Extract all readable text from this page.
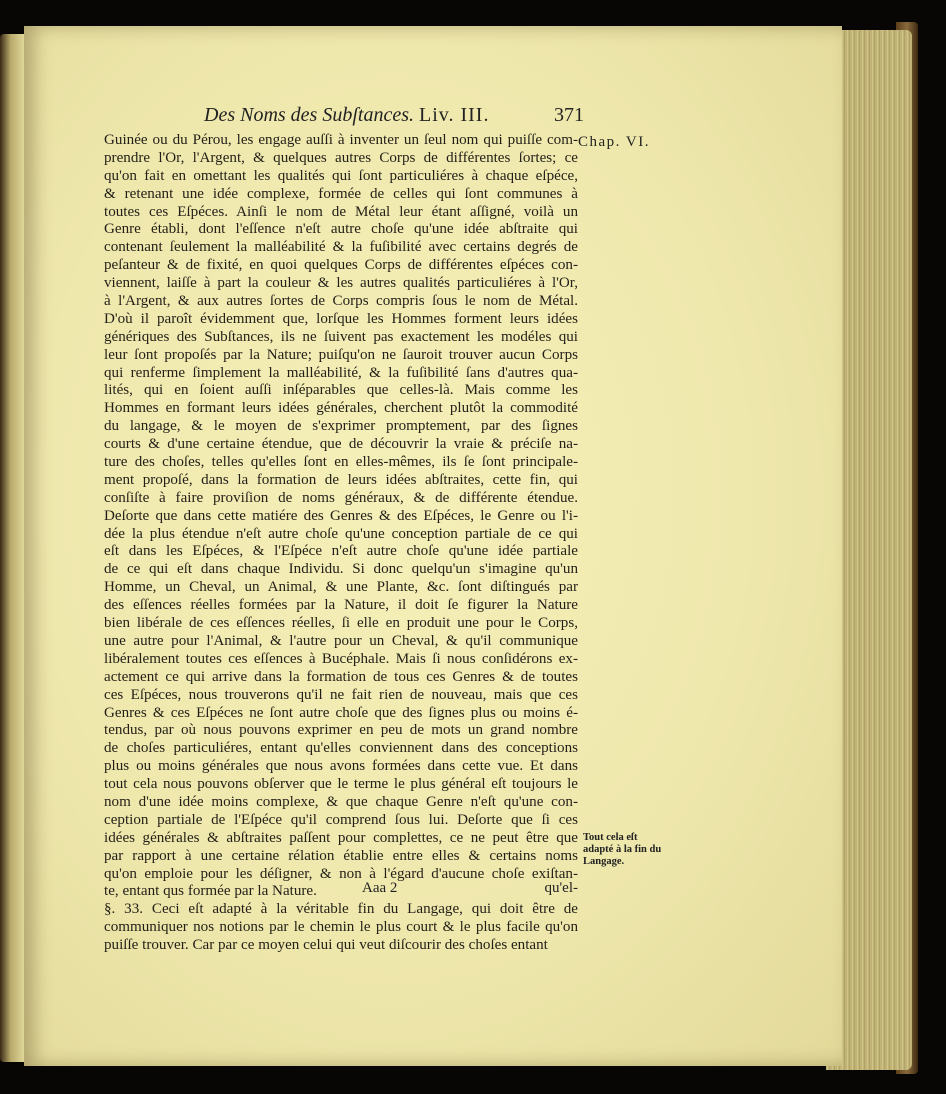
Des Noms des Subſtances. Liv. III.	371
Chap. VI.
Guinée ou du Pérou, les engage auſſi à inventer un ſeul nom qui puiſſe com-
prendre l'Or, l'Argent, & quelques autres Corps de différentes ſortes; ce
qu'on fait en omettant les qualités qui ſont particuliéres à chaque eſpéce,
& retenant une idée complexe, formée de celles qui ſont communes à
toutes ces Eſpéces. Ainſi le nom de Métal leur étant aſſigné, voilà un
Genre établi, dont l'eſſence n'eſt autre choſe qu'une idée abſtraite qui
contenant ſeulement la malléabilité & la fuſibilité avec certains degrés de
peſanteur & de fixité, en quoi quelques Corps de différentes eſpéces con-
viennent, laiſſe à part la couleur & les autres qualités particuliéres à l'Or,
à l'Argent, & aux autres ſortes de Corps compris ſous le nom de Métal.
D'où il paroît évidemment que, lorſque les Hommes forment leurs idées
génériques des Subſtances, ils ne ſuivent pas exactement les modéles qui
leur ſont propoſés par la Nature; puiſqu'on ne ſauroit trouver aucun Corps
qui renferme ſimplement la malléabilité, & la fuſibilité ſans d'autres qua-
lités, qui en ſoient auſſi inſéparables que celles-là. Mais comme les
Hommes en formant leurs idées générales, cherchent plutôt la commodité
du langage, & le moyen de s'exprimer promptement, par des ſignes
courts & d'une certaine étendue, que de découvrir la vraie & préciſe na-
ture des choſes, telles qu'elles ſont en elles-mêmes, ils ſe ſont principale-
ment propoſé, dans la formation de leurs idées abſtraites, cette fin, qui
conſiſte à faire proviſion de noms généraux, & de différente étendue.
Deſorte que dans cette matiére des Genres & des Eſpéces, le Genre ou l'i-
dée la plus étendue n'eſt autre choſe qu'une conception partiale de ce qui
eſt dans les Eſpéces, & l'Eſpéce n'eſt autre choſe qu'une idée partiale
de ce qui eſt dans chaque Individu. Si donc quelqu'un s'imagine qu'un
Homme, un Cheval, un Animal, & une Plante, &c. ſont diſtingués par
des eſſences réelles formées par la Nature, il doit ſe figurer la Nature
bien libérale de ces eſſences réelles, ſi elle en produit une pour le Corps,
une autre pour l'Animal, & l'autre pour un Cheval, & qu'il communique
libéralement toutes ces eſſences à Bucéphale. Mais ſi nous conſidérons ex-
actement ce qui arrive dans la formation de tous ces Genres & de toutes
ces Eſpéces, nous trouverons qu'il ne fait rien de nouveau, mais que ces
Genres & ces Eſpéces ne ſont autre choſe que des ſignes plus ou moins é-
tendus, par où nous pouvons exprimer en peu de mots un grand nombre
de choſes particuliéres, entant qu'elles conviennent dans des conceptions
plus ou moins générales que nous avons formées dans cette vue. Et dans
tout cela nous pouvons obſerver que le terme le plus général eſt toujours le
nom d'une idée moins complexe, & que chaque Genre n'eſt qu'une con-
ception partiale de l'Eſpéce qu'il comprend ſous lui. Deſorte que ſi ces
idées générales & abſtraites paſſent pour complettes, ce ne peut être que
par rapport à une certaine rélation établie entre elles & certains noms
qu'on emploie pour les déſigner, & non à l'égard d'aucune choſe exiſtan-
te, entant qus formée par la Nature.
§. 33. Ceci eſt adapté à la véritable fin du Langage, qui doit être de
communiquer nos notions par le chemin le plus court & le plus facile qu'on
puiſſe trouver. Car par ce moyen celui qui veut diſcourir des choſes entant
Tout cela eſt adapté à la fin du Langage.
Aaa 2	qu'el-
